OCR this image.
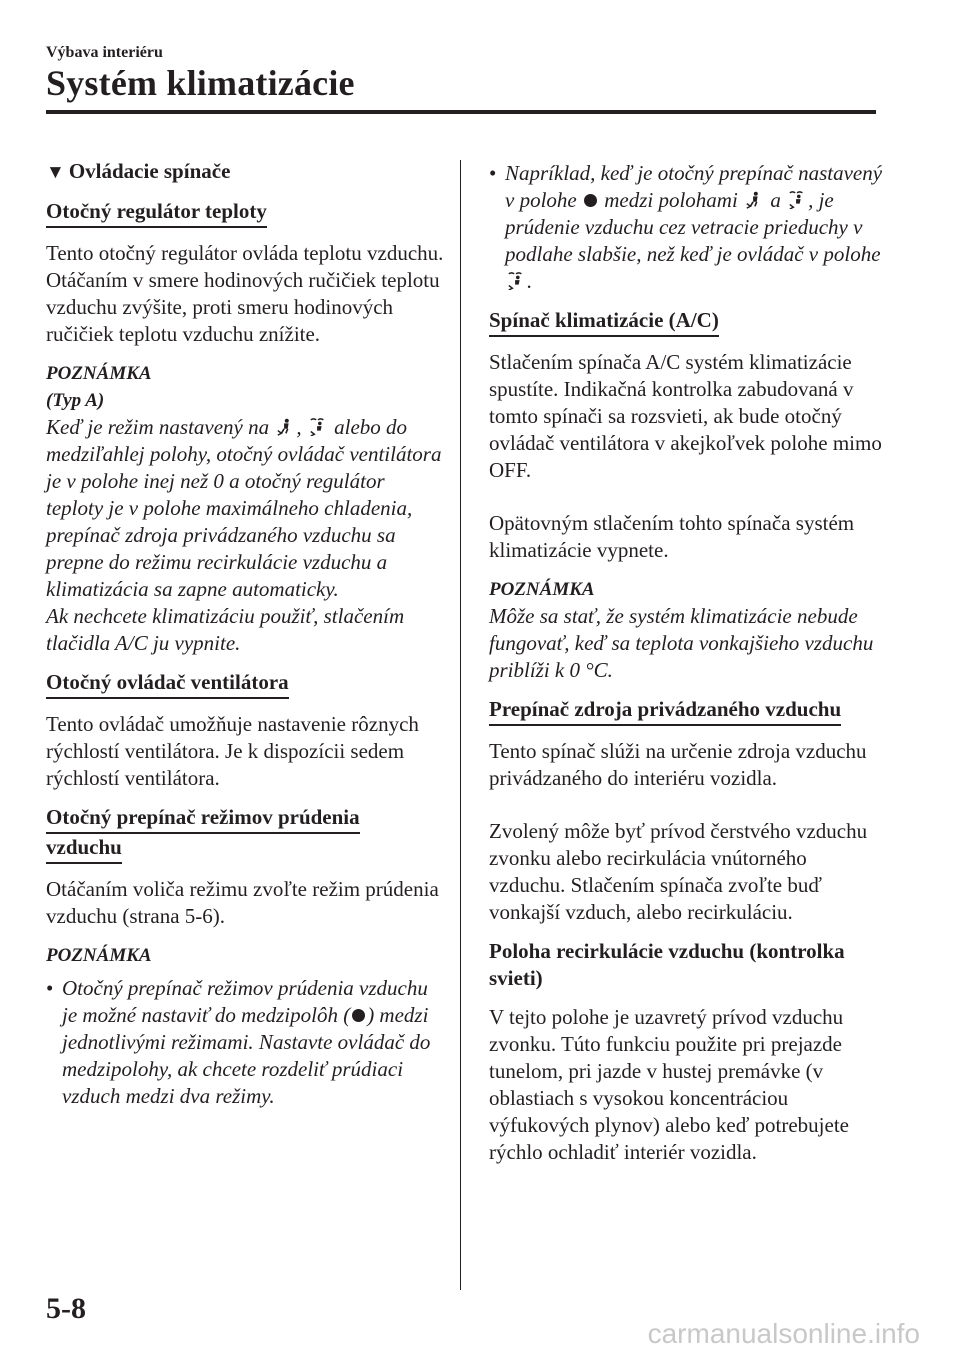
Výbava interiéru
Systém klimatizácie
▼ Ovládacie spínače
Otočný regulátor teploty

Tento otočný regulátor ovláda teplotu vzduchu. Otáčaním v smere hodinových ručičiek teplotu vzduchu zvýšite, proti smeru hodinových ručičiek teplotu vzduchu znížite.

POZNÁMKA
(Typ A)
Keď je režim nastavený na , alebo do medziľahlej polohy, otočný ovládač ventilátora je v polohe inej než 0 a otočný regulátor teploty je v polohe maximálneho chladenia, prepínač zdroja privádzaného vzduchu sa prepne do režimu recirkulácie vzduchu a klimatizácia sa zapne automaticky.

Ak nechcete klimatizáciu použiť, stlačením tlačidla A/C ju vypnite.

Otočný ovládač ventilátora

Tento ovládač umožňuje nastavenie rôznych rýchlostí ventilátora. Je k dispozícii sedem rýchlostí ventilátora.

Otočný prepínač režimov prúdenia
vzduchu

Otáčaním voliča režimu zvoľte režim prúdenia vzduchu (strana 5-6).

POZNÁMKA
• Otočný prepínač režimov prúdenia vzduchu je možné nastaviť do medzipolôh ( ) medzi jednotlivými režimami. Nastavte ovládač do medzipolohy, ak chcete rozdeliť prúdiaci vzduch medzi dva režimy.
• Napríklad, keď je otočný prepínač nastavený v polohe medzi polohami a , je prúdenie vzduchu cez vetracie prieduchy v podlahe slabšie, než keď je ovládač v polohe
.
Spínač klimatizácie (A/C)

Stlačením spínača A/C systém klimatizácie spustíte. Indikačná kontrolka zabudovaná v tomto spínači sa rozsvieti, ak bude otočný ovládač ventilátora v akejkoľvek polohe mimo OFF.

Opätovným stlačením tohto spínača systém klimatizácie vypnete.

POZNÁMKA

Môže sa stať, že systém klimatizácie nebude fungovať, keď sa teplota vonkajšieho vzduchu priblíži k 0 °C.

Prepínač zdroja privádzaného vzduchu

Tento spínač slúži na určenie zdroja vzduchu privádzaného do interiéru vozidla.

Zvolený môže byť prívod čerstvého vzduchu zvonku alebo recirkulácia vnútorného vzduchu. Stlačením spínača zvoľte buď vonkajší vzduch, alebo recirkuláciu.

Poloha recirkulácie vzduchu (kontrolka svieti)

V tejto polohe je uzavretý prívod vzduchu zvonku. Túto funkciu použite pri prejazde tunelom, pri jazde v hustej premávke (v oblastiach s vysokou koncentráciou výfukových plynov) alebo keď potrebujete rýchlo ochladiť interiér vozidla.

5-8
carmanualsonline.info
